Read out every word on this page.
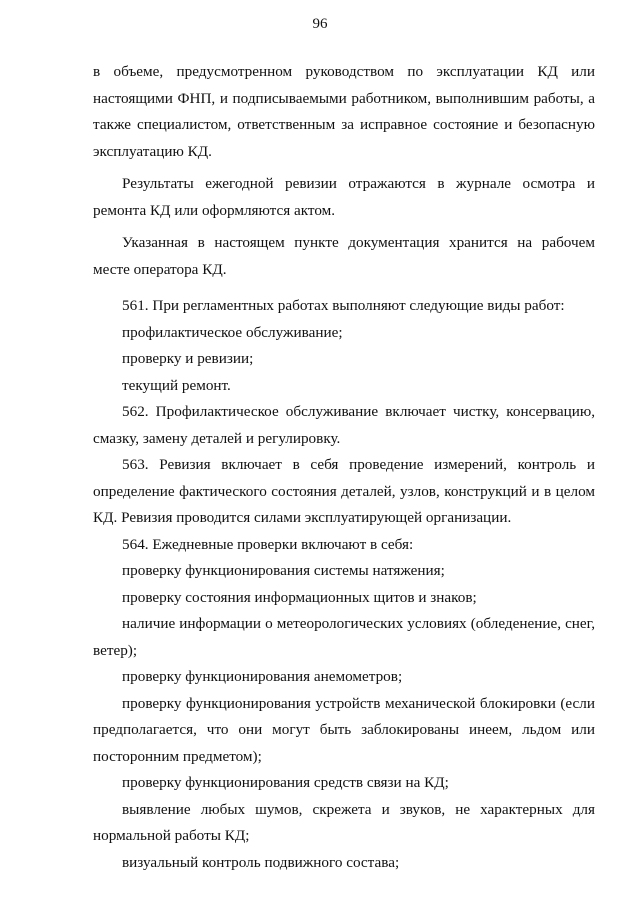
96

в объеме, предусмотренном руководством по эксплуатации КД или настоящими ФНП, и подписываемыми работником, выполнившим работы, а также специалистом, ответственным за исправное состояние и безопасную эксплуатацию КД.

Результаты ежегодной ревизии отражаются в журнале осмотра и ремонта КД или оформляются актом.

Указанная в настоящем пункте документация хранится на рабочем месте оператора КД.

561. При регламентных работах выполняют следующие виды работ:

профилактическое обслуживание;

проверку и ревизии;

текущий ремонт.

562. Профилактическое обслуживание включает чистку, консервацию, смазку, замену деталей и регулировку.

563. Ревизия включает в себя проведение измерений, контроль и определение фактического состояния деталей, узлов, конструкций и в целом КД. Ревизия проводится силами эксплуатирующей организации.

564. Ежедневные проверки включают в себя:

проверку функционирования системы натяжения;

проверку состояния информационных щитов и знаков;

наличие информации о метеорологических условиях (обледенение, снег, ветер);

проверку функционирования анемометров;

проверку функционирования устройств механической блокировки (если предполагается, что они могут быть заблокированы инеем, льдом или посторонним предметом);

проверку функционирования средств связи на КД;

выявление любых шумов, скрежета и звуков, не характерных для нормальной работы КД;

визуальный контроль подвижного состава;
